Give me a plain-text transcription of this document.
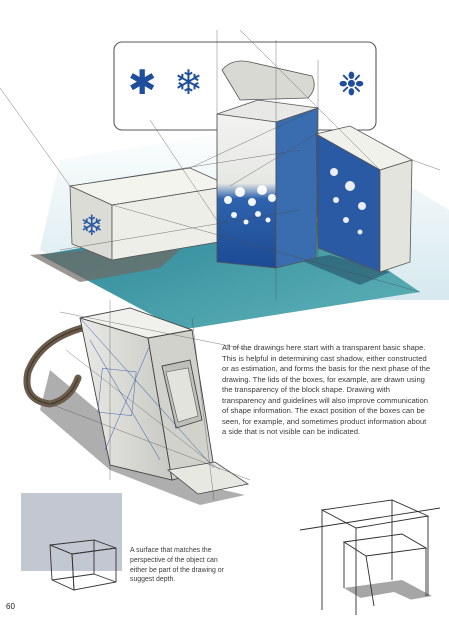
✱ ❄	❉
❄

All of the drawings here start with a transparent basic shape. This is helpful in determining cast shadow, either constructed or as estimation, and forms the basis for the next phase of the drawing. The lids of the boxes, for example, are drawn using the transparency of the block shape. Drawing with transparency and guidelines will also improve communication of shape information. The exact position of the boxes can be seen, for example, and sometimes product information about a side that is not visible can be indicated.

A surface that matches the perspective of the object can either be part of the drawing or suggest depth.

60
